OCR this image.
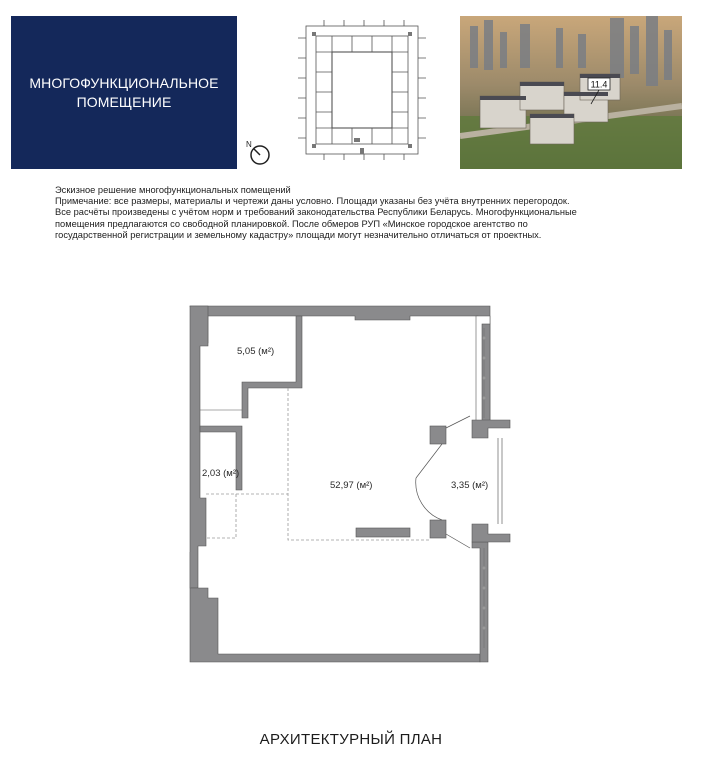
МНОГОФУНКЦИОНАЛЬНОЕ
ПОМЕЩЕНИЕ
N
11.4

Эскизное решение многофункциональных помещений

Примечание: все размеры, материалы и чертежи даны условно. Площади указаны без учёта внутренних перегородок.

Все расчёты произведены с учётом норм и требований законодательства Республики Беларусь. Многофункциональные

помещения предлагаются со свободной планировкой. После обмеров РУП «Минское городское агентство по

государственной регистрации и земельному кадастру» площади могут незначительно отличаться от проектных.

5,05 (м²)
2,03 (м²)
52,97 (м²)	3,35 (м²)
АРХИТЕКТУРНЫЙ ПЛАН
